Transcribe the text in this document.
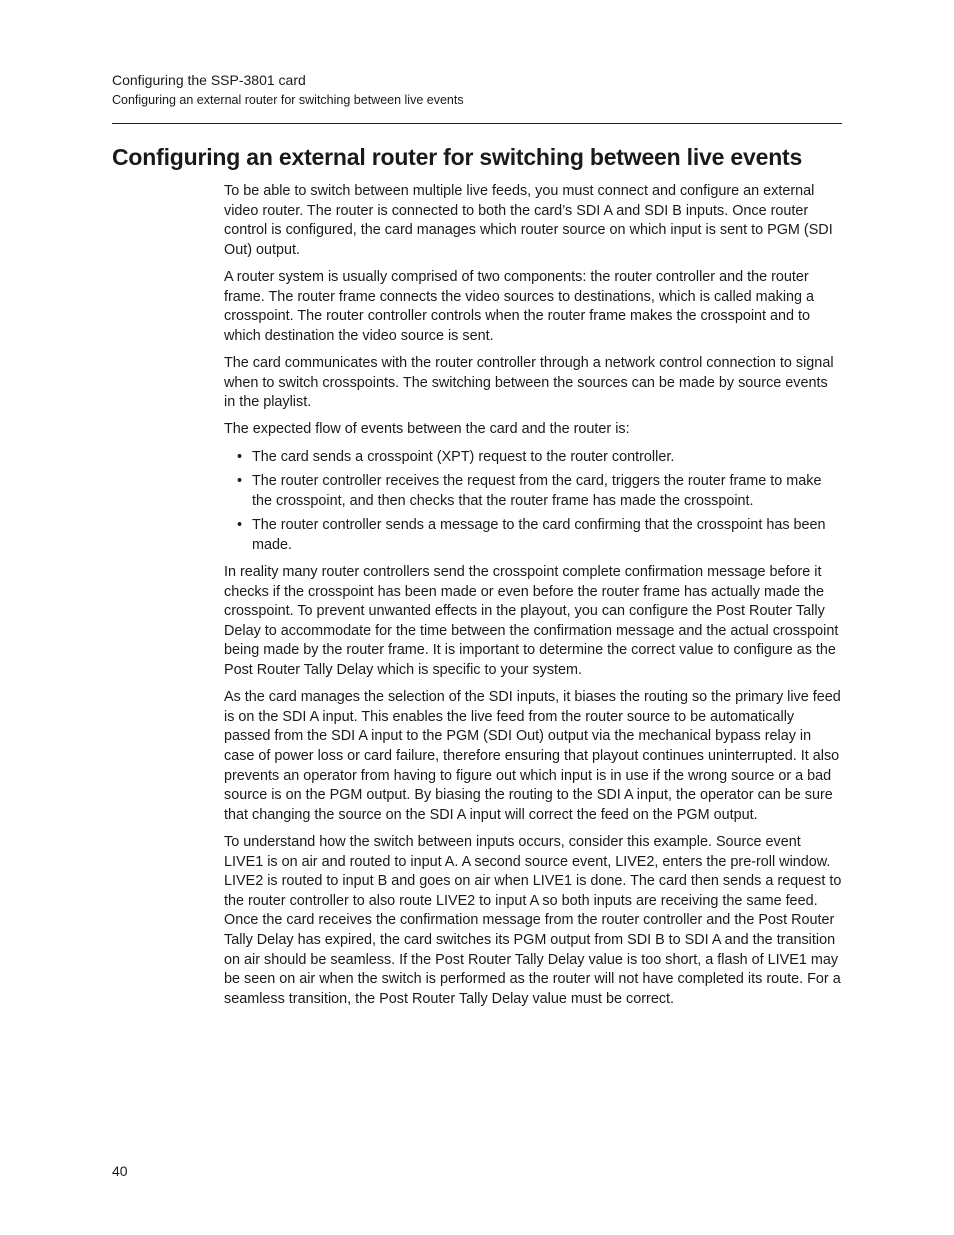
Configuring the SSP-3801 card
Configuring an external router for switching between live events
Configuring an external router for switching between live events

To be able to switch between multiple live feeds, you must connect and configure an external video router. The router is connected to both the card’s SDI A and SDI B inputs. Once router control is configured, the card manages which router source on which input is sent to PGM (SDI Out) output.

A router system is usually comprised of two components: the router controller and the router frame. The router frame connects the video sources to destinations, which is called making a crosspoint. The router controller controls when the router frame makes the crosspoint and to which destination the video source is sent.

The card communicates with the router controller through a network control connection to signal when to switch crosspoints. The switching between the sources can be made by source events in the playlist.

The expected flow of events between the card and the router is:

• The card sends a crosspoint (XPT) request to the router controller.
• The router controller receives the request from the card, triggers the router frame to make the crosspoint, and then checks that the router frame has made the crosspoint.
• The router controller sends a message to the card confirming that the crosspoint has been made.

In reality many router controllers send the crosspoint complete confirmation message before it checks if the crosspoint has been made or even before the router frame has actually made the crosspoint. To prevent unwanted effects in the playout, you can configure the Post Router Tally Delay to accommodate for the time between the confirmation message and the actual crosspoint being made by the router frame. It is important to determine the correct value to configure as the Post Router Tally Delay which is specific to your system.

As the card manages the selection of the SDI inputs, it biases the routing so the primary live feed is on the SDI A input. This enables the live feed from the router source to be automatically passed from the SDI A input to the PGM (SDI Out) output via the mechanical bypass relay in case of power loss or card failure, therefore ensuring that playout continues uninterrupted. It also prevents an operator from having to figure out which input is in use if the wrong source or a bad source is on the PGM output. By biasing the routing to the SDI A input, the operator can be sure that changing the source on the SDI A input will correct the feed on the PGM output.

To understand how the switch between inputs occurs, consider this example. Source event LIVE1 is on air and routed to input A. A second source event, LIVE2, enters the pre-roll window. LIVE2 is routed to input B and goes on air when LIVE1 is done. The card then sends a request to the router controller to also route LIVE2 to input A so both inputs are receiving the same feed. Once the card receives the confirmation message from the router controller and the Post Router Tally Delay has expired, the card switches its PGM output from SDI B to SDI A and the transition on air should be seamless. If the Post Router Tally Delay value is too short, a flash of LIVE1 may be seen on air when the switch is performed as the router will not have completed its route. For a seamless transition, the Post Router Tally Delay value must be correct.

40
